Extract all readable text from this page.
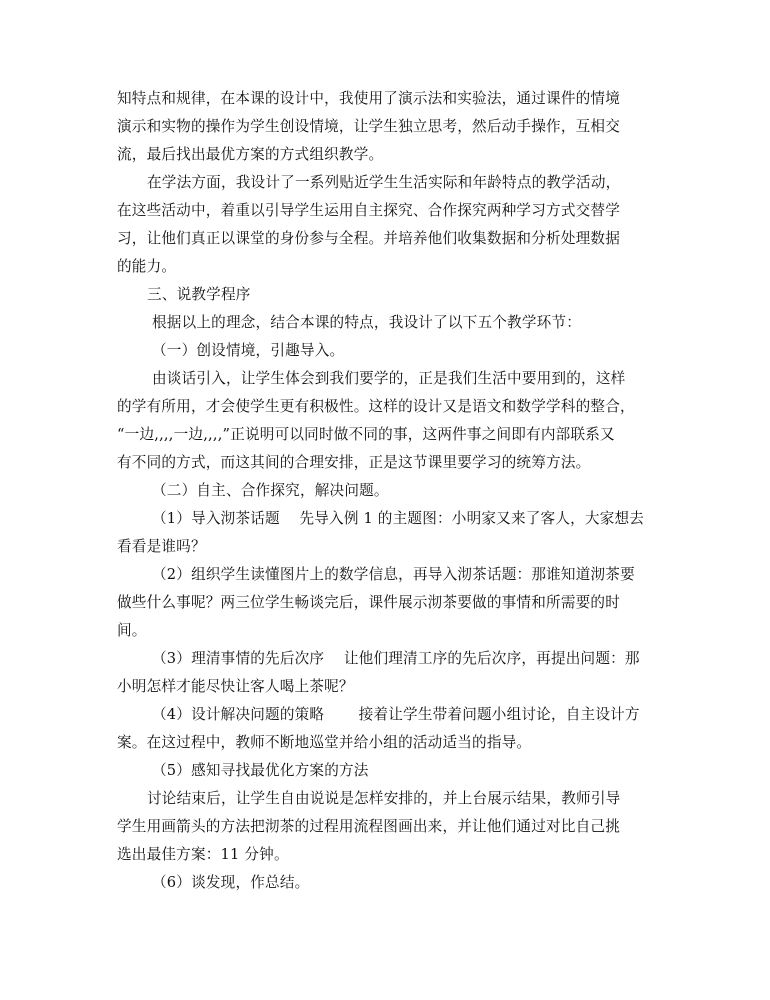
知特点和规律，在本课的设计中，我使用了演示法和实验法，通过课件的情境
演示和实物的操作为学生创设情境，让学生独立思考，然后动手操作，互相交
流，最后找出最优方案的方式组织教学。
在学法方面，我设计了一系列贴近学生生活实际和年龄特点的教学活动，
在这些活动中，着重以引导学生运用自主探究、合作探究两种学习方式交替学
习，让他们真正以课堂的身份参与全程。并培养他们收集数据和分析处理数据
的能力。
三、说教学程序
根据以上的理念，结合本课的特点，我设计了以下五个教学环节：
（一）创设情境，引趣导入。
由谈话引入，让学生体会到我们要学的，正是我们生活中要用到的，这样
的学有所用，才会使学生更有积极性。这样的设计又是语文和数学学科的整合，
“一边,,,,一边,,,,”正说明可以同时做不同的事，这两件事之间即有内部联系又
有不同的方式，而这其间的合理安排，正是这节课里要学习的统筹方法。
（二）自主、合作探究，解决问题。
（1）导入沏茶话题　 先导入例 1 的主题图：小明家又来了客人，大家想去
看看是谁吗？
（2）组织学生读懂图片上的数学信息，再导入沏茶话题：那谁知道沏茶要
做些什么事呢？两三位学生畅谈完后，课件展示沏茶要做的事情和所需要的时
间。
（3）理清事情的先后次序　 让他们理清工序的先后次序，再提出问题：那
小明怎样才能尽快让客人喝上茶呢？
（4）设计解决问题的策略　　 接着让学生带着问题小组讨论，自主设计方
案。在这过程中，教师不断地巡堂并给小组的活动适当的指导。
（5）感知寻找最优化方案的方法
讨论结束后，让学生自由说说是怎样安排的，并上台展示结果，教师引导
学生用画箭头的方法把沏茶的过程用流程图画出来，并让他们通过对比自己挑
选出最佳方案：11 分钟。
（6）谈发现，作总结。
